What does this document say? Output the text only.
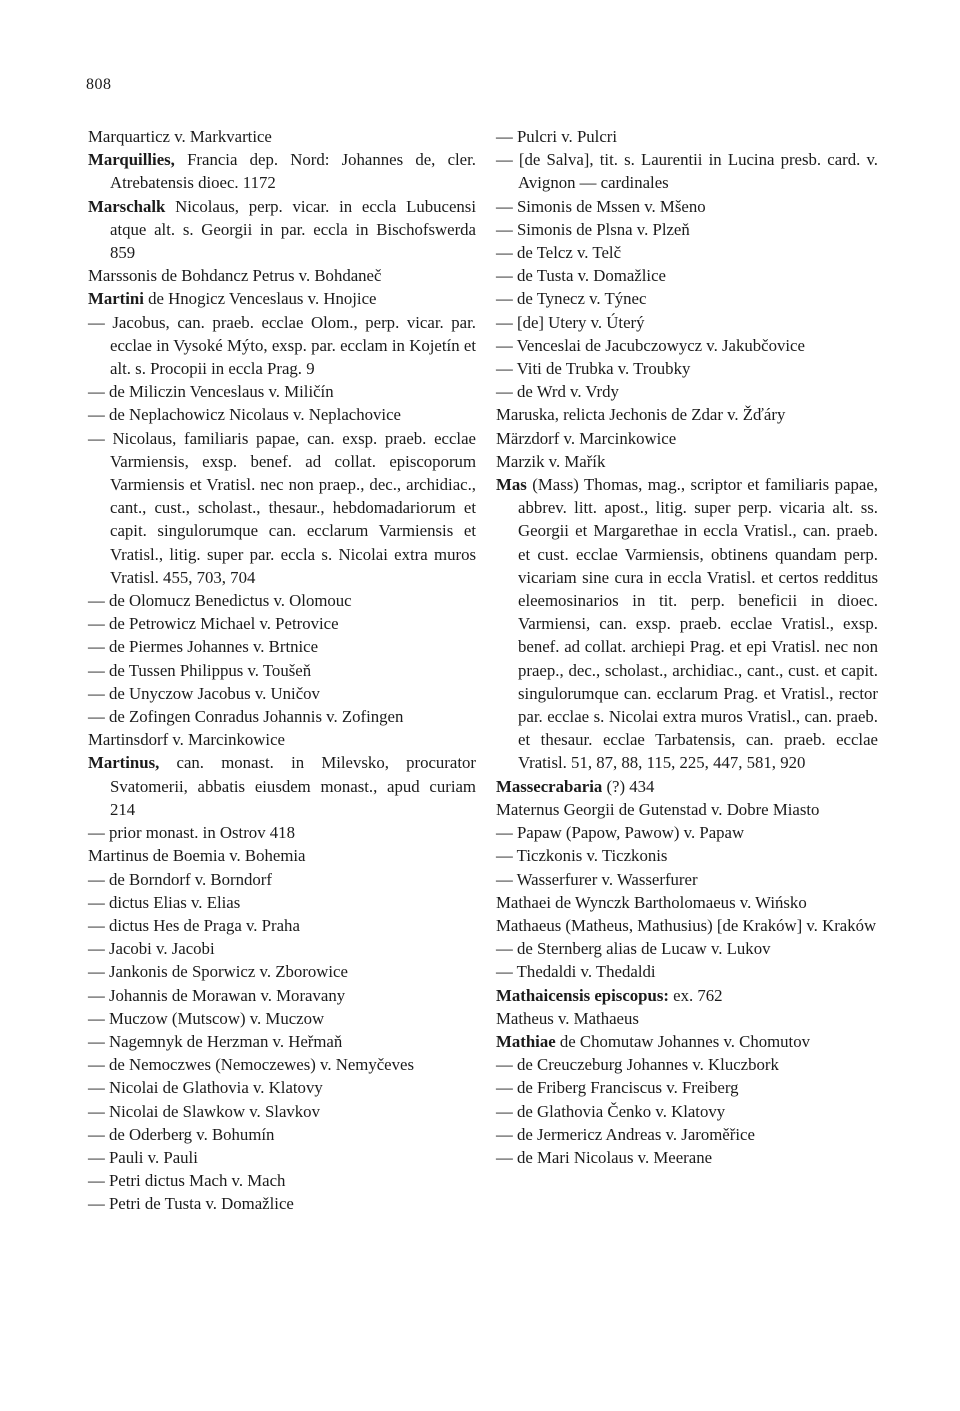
808
Marquarticz v. Markvartice
Marquillies, Francia dep. Nord: Johannes de, cler. Atrebatensis dioec. 1172
Marschalk Nicolaus, perp. vicar. in eccla Lubucensi atque alt. s. Georgii in par. eccla in Bischofswerda 859
Marssonis de Bohdancz Petrus v. Bohdaneč
Martini de Hnogicz Venceslaus v. Hnojice
— Jacobus, can. praeb. ecclae Olom., perp. vicar. par. ecclae in Vysoké Mýto, exsp. par. ecclam in Kojetín et alt. s. Procopii in eccla Prag. 9
— de Miliczin Venceslaus v. Miličín
— de Neplachowicz Nicolaus v. Neplachovice
— Nicolaus, familiaris papae, can. exsp. praeb. ecclae Varmiensis, exsp. benef. ad collat. episcoporum Varmiensis et Vratisl. nec non praep., dec., archidiac., cant., cust., scholast., thesaur., hebdomadariorum et capit. singulorumque can. ecclarum Varmiensis et Vratisl., litig. super par. eccla s. Nicolai extra muros Vratisl. 455, 703, 704
— de Olomucz Benedictus v. Olomouc
— de Petrowicz Michael v. Petrovice
— de Piermes Johannes v. Brtnice
— de Tussen Philippus v. Toušeň
— de Unyczow Jacobus v. Uničov
— de Zofingen Conradus Johannis v. Zofingen
Martinsdorf v. Marcinkowice
Martinus, can. monast. in Milevsko, procurator Svatomerii, abbatis eiusdem monast., apud curiam 214
— prior monast. in Ostrov 418
Martinus de Boemia v. Bohemia
— de Borndorf v. Borndorf
— dictus Elias v. Elias
— dictus Hes de Praga v. Praha
— Jacobi v. Jacobi
— Jankonis de Sporwicz v. Zborowice
— Johannis de Morawan v. Moravany
— Muczow (Mutscow) v. Muczow
— Nagemnyk de Herzman v. Heřmaň
— de Nemoczwes (Nemoczewes) v. Nemyčeves
— Nicolai de Glathovia v. Klatovy
— Nicolai de Slawkow v. Slavkov
— de Oderberg v. Bohumín
— Pauli v. Pauli
— Petri dictus Mach v. Mach
— Petri de Tusta v. Domažlice
— Pulcri v. Pulcri
— [de Salva], tit. s. Laurentii in Lucina presb. card. v. Avignon — cardinales
— Simonis de Mssen v. Mšeno
— Simonis de Plsna v. Plzeň
— de Telcz v. Telč
— de Tusta v. Domažlice
— de Tynecz v. Týnec
— [de] Utery v. Úterý
— Venceslai de Jacubczowycz v. Jakubčovice
— Viti de Trubka v. Troubky
— de Wrd v. Vrdy
Maruska, relicta Jechonis de Zdar v. Žďáry
Märzdorf v. Marcinkowice
Marzik v. Mařík
Mas (Mass) Thomas, mag., scriptor et familiaris papae, abbrev. litt. apost., litig. super perp. vicaria alt. ss. Georgii et Margarethae in eccla Vratisl., can. praeb. et cust. ecclae Varmiensis, obtinens quandam perp. vicariam sine cura in eccla Vratisl. et certos redditus eleemosinarios in tit. perp. beneficii in dioec. Varmiensi, can. exsp. praeb. ecclae Vratisl., exsp. benef. ad collat. archiepi Prag. et epi Vratisl. nec non praep., dec., scholast., archidiac., cant., cust. et capit. singulorumque can. ecclarum Prag. et Vratisl., rector par. ecclae s. Nicolai extra muros Vratisl., can. praeb. et thesaur. ecclae Tarbatensis, can. praeb. ecclae Vratisl. 51, 87, 88, 115, 225, 447, 581, 920
Massecrabaria (?) 434
Maternus Georgii de Gutenstad v. Dobre Miasto
— Papaw (Papow, Pawow) v. Papaw
— Ticzkonis v. Ticzkonis
— Wasserfurer v. Wasserfurer
Mathaei de Wynczk Bartholomaeus v. Wińsko
Mathaeus (Matheus, Mathusius) [de Kraków] v. Kraków
— de Sternberg alias de Lucaw v. Lukov
— Thedaldi v. Thedaldi
Mathaicensis episcopus: ex. 762
Matheus v. Mathaeus
Mathiae de Chomutaw Johannes v. Chomutov
— de Creuczeburg Johannes v. Kluczbork
— de Friberg Franciscus v. Freiberg
— de Glathovia Čenko v. Klatovy
— de Jermericz Andreas v. Jaroměřice
— de Mari Nicolaus v. Meerane
